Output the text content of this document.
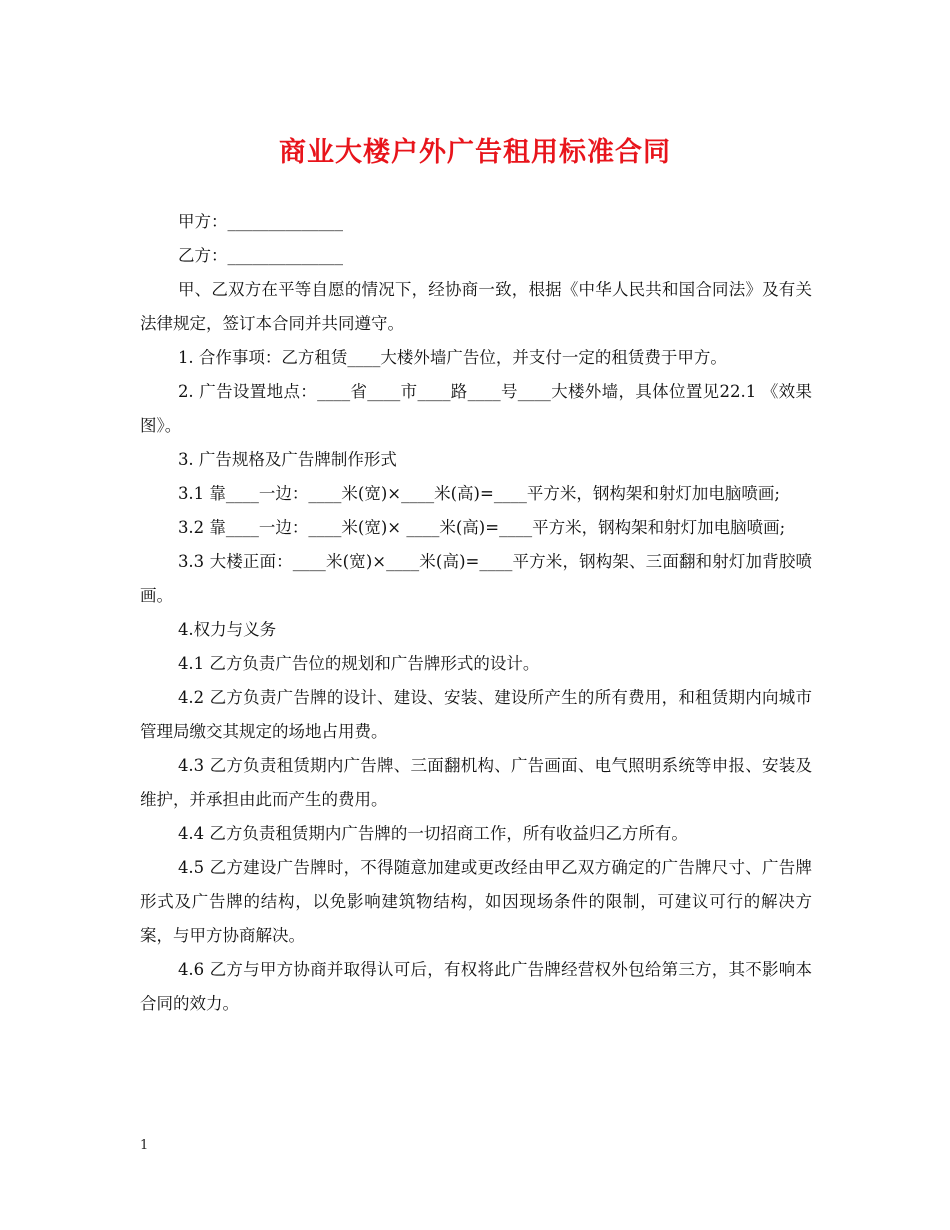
商业大楼户外广告租用标准合同

甲方：______________

乙方：______________

甲、乙双方在平等自愿的情况下，经协商一致，根据《中华人民共和国合同法》及有关法律规定，签订本合同并共同遵守。

1. 合作事项：乙方租赁____大楼外墙广告位，并支付一定的租赁费于甲方。

2. 广告设置地点：____省____市____路____号____大楼外墙，具体位置见22.1 《效果图》。

3. 广告规格及广告牌制作形式

3.1 靠____一边：____米(宽)×____米(高)=____平方米，钢构架和射灯加电脑喷画;

3.2 靠____一边：____米(宽)× ____米(高)=____平方米，钢构架和射灯加电脑喷画;

3.3 大楼正面：____米(宽)×____米(高)=____平方米，钢构架、三面翻和射灯加背胶喷画。

4.权力与义务

4.1 乙方负责广告位的规划和广告牌形式的设计。

4.2 乙方负责广告牌的设计、建设、安装、建设所产生的所有费用，和租赁期内向城市管理局缴交其规定的场地占用费。

4.3 乙方负责租赁期内广告牌、三面翻机构、广告画面、电气照明系统等申报、安装及维护，并承担由此而产生的费用。

4.4 乙方负责租赁期内广告牌的一切招商工作，所有收益归乙方所有。

4.5 乙方建设广告牌时，不得随意加建或更改经由甲乙双方确定的广告牌尺寸、广告牌形式及广告牌的结构，以免影响建筑物结构，如因现场条件的限制，可建议可行的解决方案，与甲方协商解决。

4.6 乙方与甲方协商并取得认可后，有权将此广告牌经营权外包给第三方，其不影响本合同的效力。

1
